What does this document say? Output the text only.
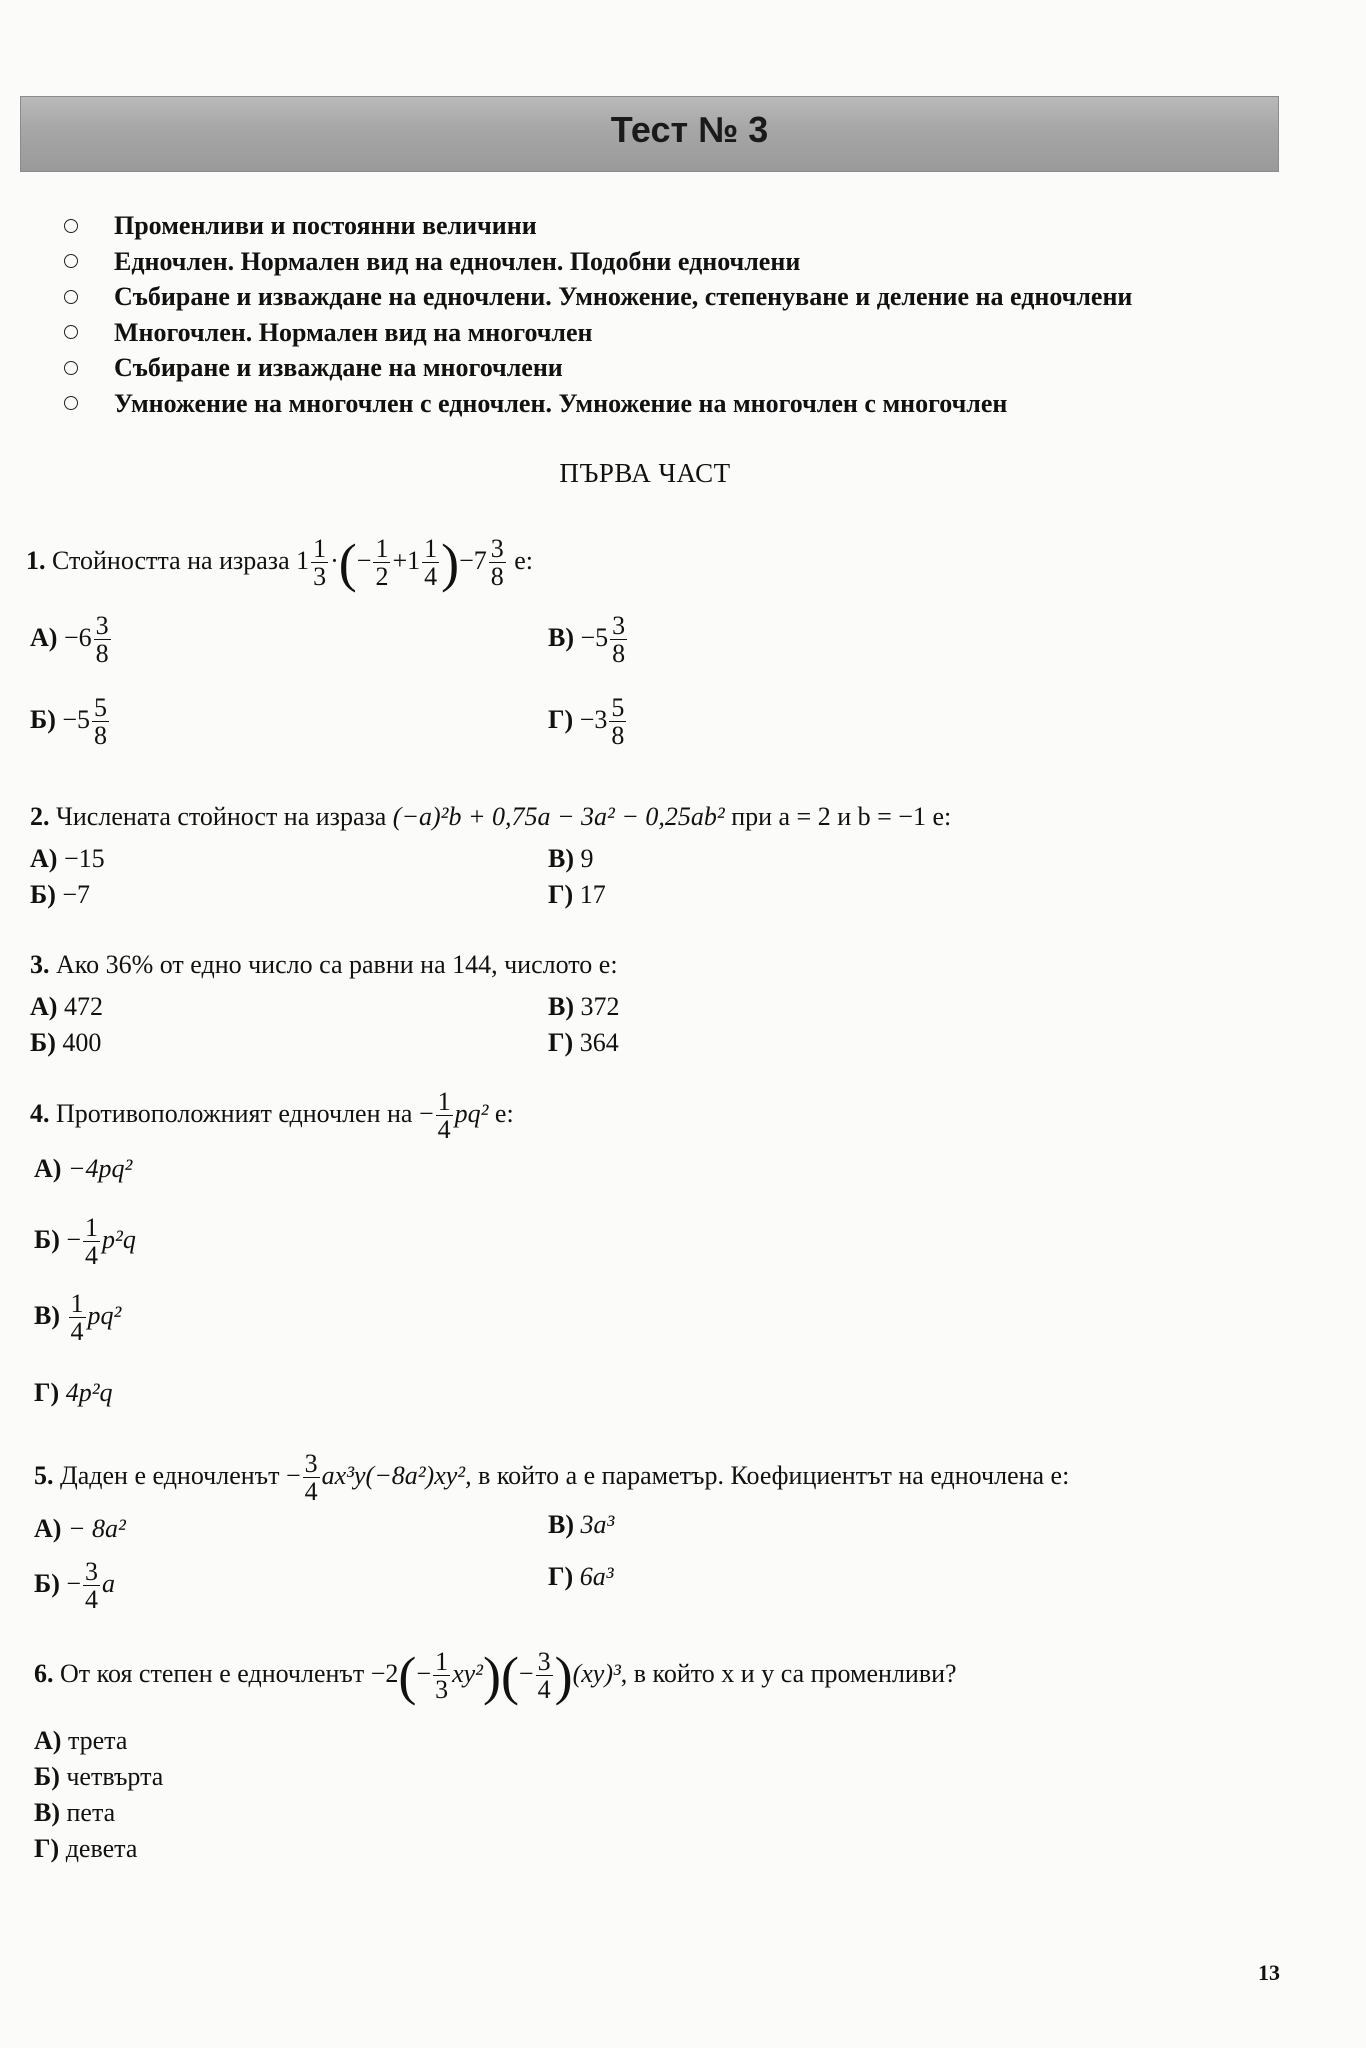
Тест № 3
Променливи и постоянни величини
Едночлен. Нормален вид на едночлен. Подобни едночлени
Събиране и изваждане на едночлени. Умножение, степенуване и деление на едночлени
Многочлен. Нормален вид на многочлен
Събиране и изваждане на многочлени
Умножение на многочлен с едночлен. Умножение на многочлен с многочлен
ПЪРВА ЧАСТ
1. Стойността на израза $1 \frac{1}{3}$ ·(− $\frac{1}{2} +1 \frac{1}{4} )-7 \frac{3}{8} е$:
$А) -6 \frac{3}{8}$	$В) -5 \frac{3}{8}$
$Б) -5 \frac{5}{8}$	$Г) -3 \frac{5}{8}$
2. Числената стойност на израза (−a)²b + 0,75a − 3a² − 0,25ab² при a = 2 и b = −1 е:
А) −15	В) 9
Б) −7	Г) 17
3. Ако 36% от едно число са равни на 144, числото е:
А) 472	В) 372
Б) 400	Г) 364
4. Противоположният едночлен на − $\frac{1}{4} pq^2$ е:
А) −4pq²
$Б) - \frac{1}{4} p^2q$
$В) \frac{1}{4} pq^2$
Г) 4p²q
5. Даден е едночленът − $\frac{3}{4} ax^3y(-8a^2)xy^2$, в който a е параметър. Коефициентът на едночлена е:
А) − 8a²	В) 3a³
$Б) - \frac{3}{4}$ a	Г) 6a³
6. От коя степен е едночленът $-2(- \frac{1}{3} xy^2)(- \frac{3}{4} )(xy)^3$, в който x и y са променливи?
А) трета
Б) четвърта
В) пета
Г) девета
13
